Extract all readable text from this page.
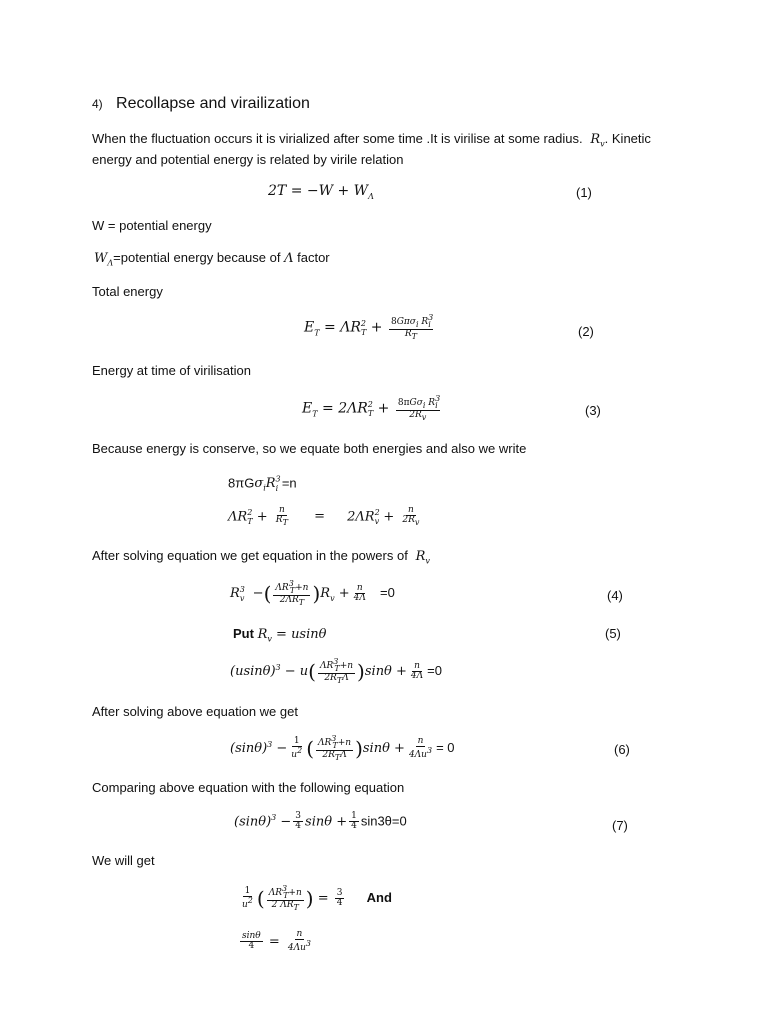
4) Recollapse and virailization
When the fluctuation occurs it is virialized after some time .It is virilise at some radius.  $R_v$. Kinetic
energy and potential energy is related by virile relation
$2T = -W + W_\Lambda$	(1)
W = potential energy
$W_\Lambda=potential$ energy because of Λ factor
Total energy
$E_T = \Lambda R^2_T + \frac{8G\pi\sigma_i R^3_i}{R_T}$	(2)
Energy at time of virilisation
$E_T = 2\Lambda R^2_T + \frac{8\pi G\sigma_i R^3_i}{2R_v}$	(3)
Because energy is conserve, so we equate both energies and also we write
$8\pi G\sigma_iR^3_i =n$
$\Lambda R^2_T + \frac{n}{R_T} = 2\Lambda R^2_v + \frac{n}{2R_v}$
After solving equation we get equation in the powers of  $R_v$
$R^3_v$  −( $\frac{\Lambda R^3_T+n}{2\Lambda R_T} )R_v + \frac{n}{4\Lambda} =0$	(4)
Put $R_v = usin\theta$	(5)
$(usin\theta)^3 - u( \frac{\Lambda R^3_T+n}{2R_T\Lambda} )\sin\theta + \frac{n}{4\Lambda} =0$
After solving above equation we get
$(\sin\theta)^3 - \frac{1}{u^2}$ ( $\frac{\Lambda R^3_T+n}{2R_T\Lambda} )\sin\theta + \frac{n}{4\Lambda u^3} = 0$	(6)
Comparing above equation with the following equation
$(\sin\theta)^3 - \frac{3}{4}$ $\sin\theta + \frac{1}{4} \sin 3\theta=0$	(7)
We will get
$\frac{1}{u^2}$ ( $\frac{\Lambda R^3_T+n}{2 \Lambda R_T}$ ) = $\frac{3}{4}$ And
$\frac{\sin\theta}{4} = \frac{n}{4\Lambda u^3}$
